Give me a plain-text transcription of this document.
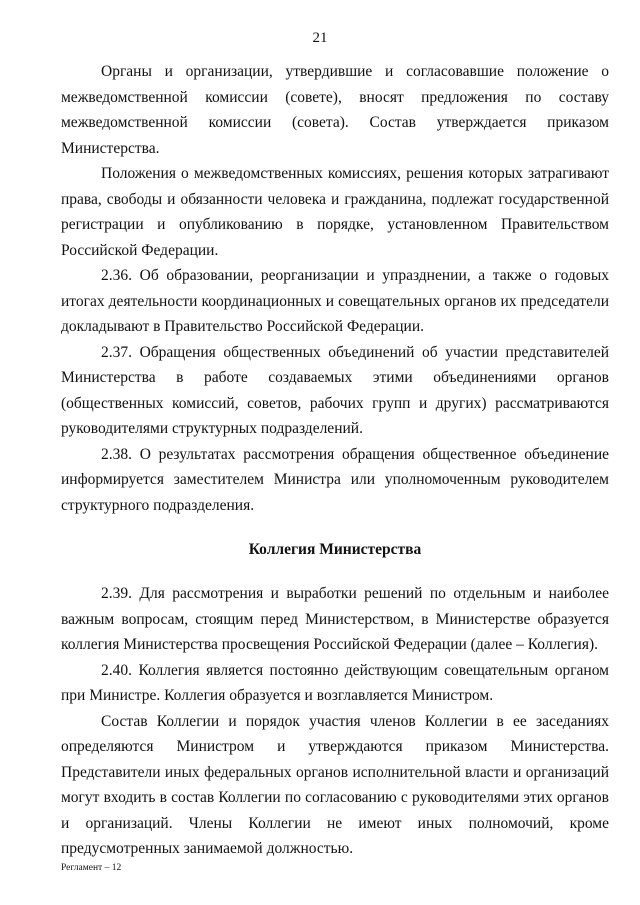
21

Органы и организации, утвердившие и согласовавшие положение о межведомственной комиссии (совете), вносят предложения по составу межведомственной комиссии (совета). Состав утверждается приказом Министерства.

Положения о межведомственных комиссиях, решения которых затрагивают права, свободы и обязанности человека и гражданина, подлежат государственной регистрации и опубликованию в порядке, установленном Правительством Российской Федерации.

2.36. Об образовании, реорганизации и упразднении, а также о годовых итогах деятельности координационных и совещательных органов их председатели докладывают в Правительство Российской Федерации.

2.37. Обращения общественных объединений об участии представителей Министерства в работе создаваемых этими объединениями органов (общественных комиссий, советов, рабочих групп и других) рассматриваются руководителями структурных подразделений.

2.38. О результатах рассмотрения обращения общественное объединение информируется заместителем Министра или уполномоченным руководителем структурного подразделения.

Коллегия Министерства

2.39. Для рассмотрения и выработки решений по отдельным и наиболее важным вопросам, стоящим перед Министерством, в Министерстве образуется коллегия Министерства просвещения Российской Федерации (далее – Коллегия).

2.40. Коллегия является постоянно действующим совещательным органом при Министре. Коллегия образуется и возглавляется Министром.

Состав Коллегии и порядок участия членов Коллегии в ее заседаниях определяются Министром и утверждаются приказом Министерства. Представители иных федеральных органов исполнительной власти и организаций могут входить в состав Коллегии по согласованию с руководителями этих органов и организаций. Члены Коллегии не имеют иных полномочий, кроме предусмотренных занимаемой должностью.

Регламент – 12
